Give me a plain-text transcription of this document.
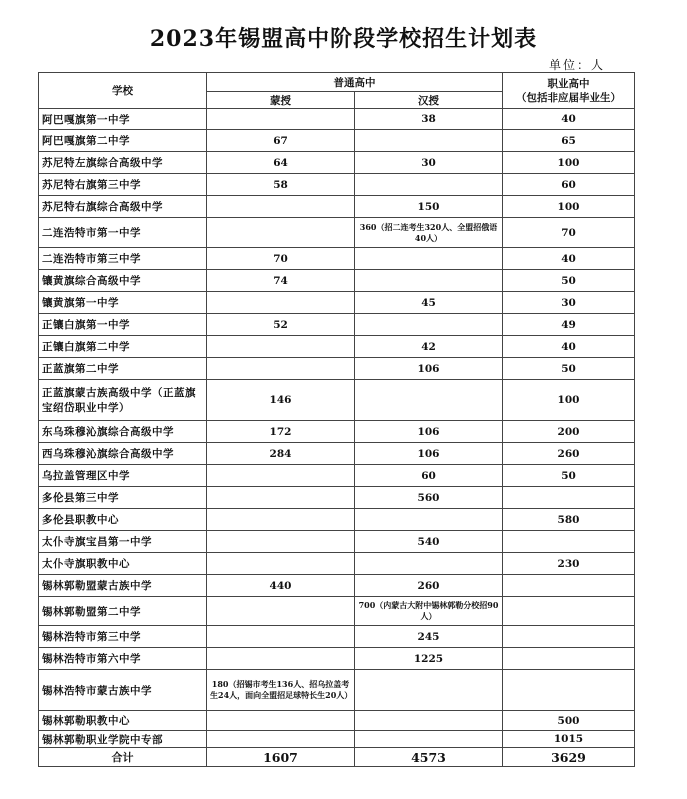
2023年锡盟高中阶段学校招生计划表
单位：人
学校	普通高中		职业高中
（包括非应届毕业生）

	蒙授	汉授	
阿巴嘎旗第一中学		38	40
阿巴嘎旗第二中学	67		65
苏尼特左旗综合高级中学	64	30	100
苏尼特右旗第三中学	58		60
苏尼特右旗综合高级中学		150	100
二连浩特市第一中学		360（招二连考生320人、全盟招俄语40人）	70
二连浩特市第三中学	70		40
镶黄旗综合高级中学	74		50
镶黄旗第一中学		45	30
正镶白旗第一中学	52		49
正镶白旗第二中学		42	40
正蓝旗第二中学		106	50
正蓝旗蒙古族高级中学（正蓝旗宝绍岱职业中学）	146		100
东乌珠穆沁旗综合高级中学	172	106	200
西乌珠穆沁旗综合高级中学	284	106	260
乌拉盖管理区中学		60	50
多伦县第三中学		560	
多伦县职教中心			580
太仆寺旗宝昌第一中学		540	
太仆寺旗职教中心			230
锡林郭勒盟蒙古族中学	440	260	
锡林郭勒盟第二中学		700（内蒙古大附中锡林郭勒分校招90人）	
锡林浩特市第三中学		245	
锡林浩特市第六中学		1225	
锡林浩特市蒙古族中学	180（招锡市考生136人、招乌拉盖考生24人，面向全盟招足球特长生20人）		
锡林郭勒职教中心			500
锡林郭勒职业学院中专部			1015
合计	1607	4573	3629
